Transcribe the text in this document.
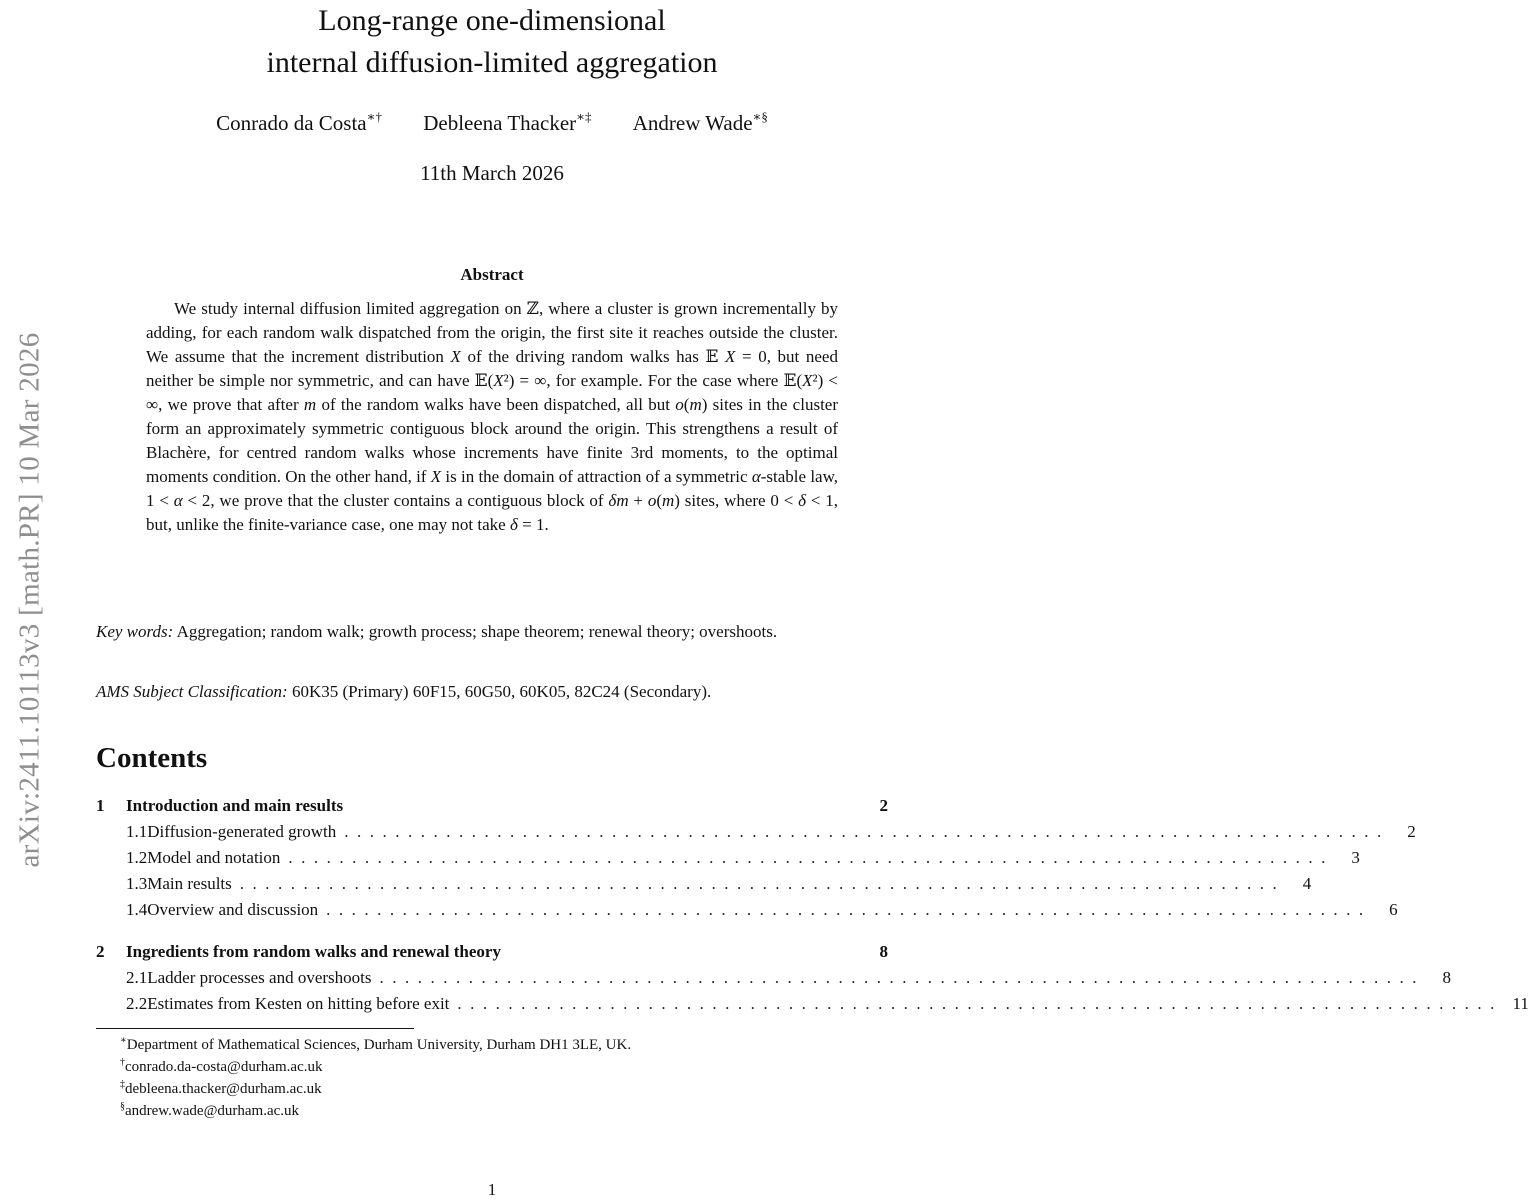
arXiv:2411.10113v3 [math.PR] 10 Mar 2026
Long-range one-dimensional
internal diffusion-limited aggregation
Conrado da Costa∗† Debleena Thacker∗‡ Andrew Wade∗§
11th March 2026
Abstract

We study internal diffusion limited aggregation on ℤ, where a cluster is grown incrementally by adding, for each random walk dispatched from the origin, the first site it reaches outside the cluster. We assume that the increment distribution X of the driving random walks has 𝔼 X = 0, but need neither be simple nor symmetric, and can have 𝔼(X²) = ∞, for example. For the case where 𝔼(X²) < ∞, we prove that after m of the random walks have been dispatched, all but o(m) sites in the cluster form an approximately symmetric contiguous block around the origin. This strengthens a result of Blachère, for centred random walks whose increments have finite 3rd moments, to the optimal moments condition. On the other hand, if X is in the domain of attraction of a symmetric α-stable law, 1 < α < 2, we prove that the cluster contains a contiguous block of δm + o(m) sites, where 0 < δ < 1, but, unlike the finite-variance case, one may not take δ = 1.

Key words: Aggregation; random walk; growth process; shape theorem; renewal theory; overshoots.

AMS Subject Classification: 60K35 (Primary) 60F15, 60G50, 60K05, 82C24 (Secondary).

Contents
1	Introduction and main results	2
1.1 Diffusion-generated growth ..................................................................................	2
1.2 Model and notation ..................................................................................	3
1.3 Main results ..................................................................................	4
1.4 Overview and discussion ..................................................................................	6
2	Ingredients from random walks and renewal theory	8
2.1 Ladder processes and overshoots ..................................................................................	8
2.2 Estimates from Kesten on hitting before exit .................................................................................. 11
∗Department of Mathematical Sciences, Durham University, Durham DH1 3LE, UK.
†conrado.da-costa@durham.ac.uk
‡debleena.thacker@durham.ac.uk
§andrew.wade@durham.ac.uk
1
